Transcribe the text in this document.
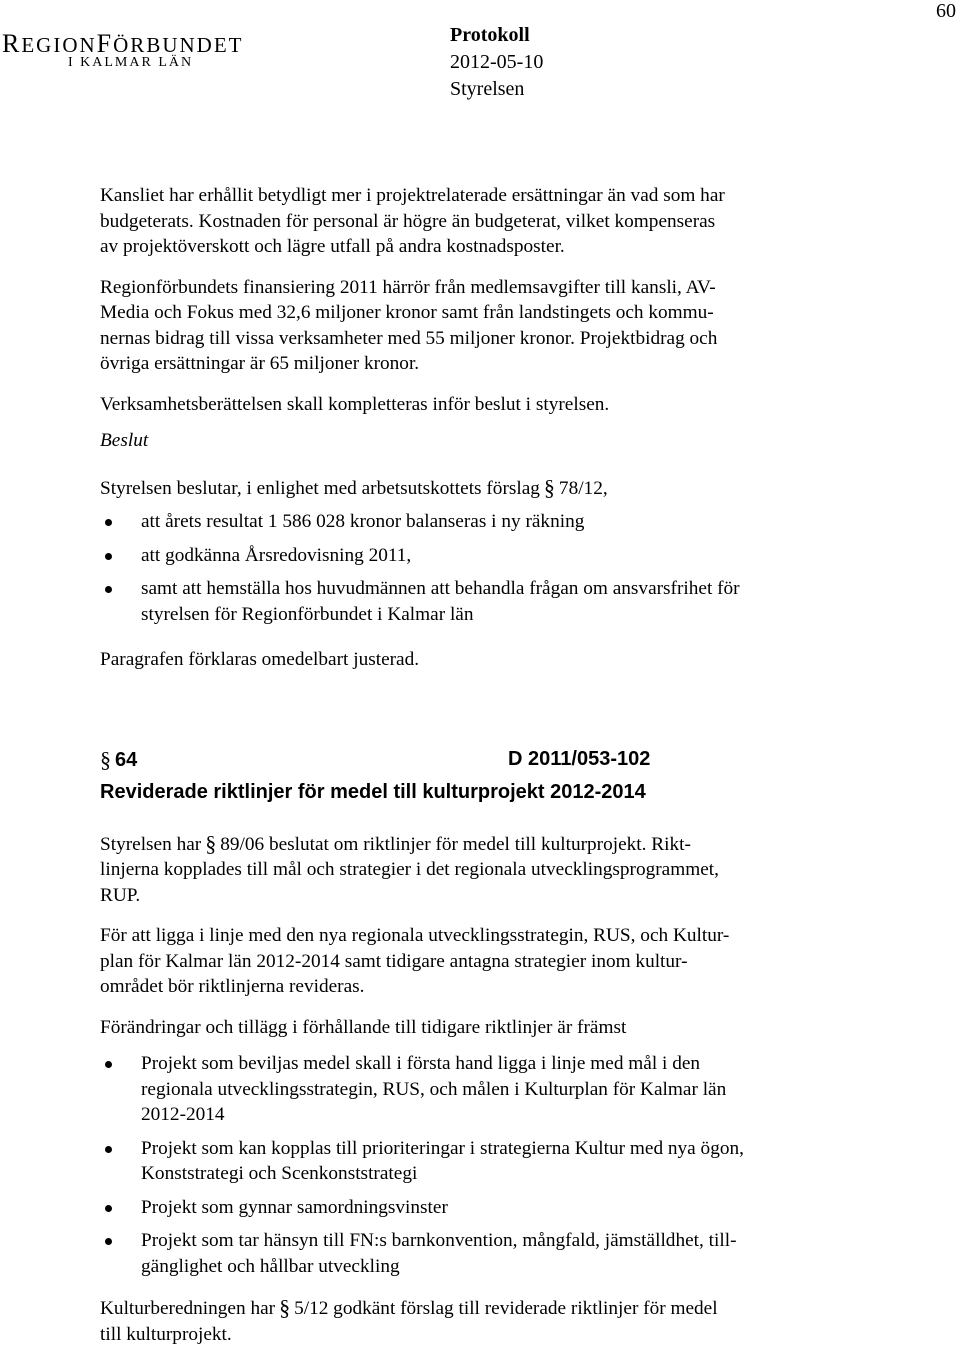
60
REGIONFÖRBUNDET
I KALMAR LÄN
Protokoll
2012-05-10
Styrelsen

Kansliet har erhållit betydligt mer i projektrelaterade ersättningar än vad som har

budgeterats. Kostnaden för personal är högre än budgeterat, vilket kompenseras

av projektöverskott och lägre utfall på andra kostnadsposter.

Regionförbundets finansiering 2011 härrör från medlemsavgifter till kansli, AV-

Media och Fokus med 32,6 miljoner kronor samt från landstingets och kommu-

nernas bidrag till vissa verksamheter med 55 miljoner kronor. Projektbidrag och

övriga ersättningar är 65 miljoner kronor.

Verksamhetsberättelsen skall kompletteras inför beslut i styrelsen.

Beslut

Styrelsen beslutar, i enlighet med arbetsutskottets förslag § 78/12,

att årets resultat 1 586 028 kronor balanseras i ny räkning
att godkänna Årsredovisning 2011,
samt att hemställa hos huvudmännen att behandla frågan om ansvarsfrihet för
styrelsen för Regionförbundet i Kalmar län

Paragrafen förklaras omedelbart justerad.

§ 64	D 2011/053-102

Reviderade riktlinjer för medel till kulturprojekt 2012-2014

Styrelsen har § 89/06 beslutat om riktlinjer för medel till kulturprojekt. Rikt-

linjerna kopplades till mål och strategier i det regionala utvecklingsprogrammet,

RUP.

För att ligga i linje med den nya regionala utvecklingsstrategin, RUS, och Kultur-

plan för Kalmar län 2012-2014 samt tidigare antagna strategier inom kultur-

området bör riktlinjerna revideras.

Förändringar och tillägg i förhållande till tidigare riktlinjer är främst

Projekt som beviljas medel skall i första hand ligga i linje med mål i den
regionala utvecklingsstrategin, RUS, och målen i Kulturplan för Kalmar län
2012-2014
Projekt som kan kopplas till prioriteringar i strategierna Kultur med nya ögon,
Konststrategi och Scenkonststrategi
Projekt som gynnar samordningsvinster
Projekt som tar hänsyn till FN:s barnkonvention, mångfald, jämställdhet, till-
gänglighet och hållbar utveckling

Kulturberedningen har § 5/12 godkänt förslag till reviderade riktlinjer för medel

till kulturprojekt.
